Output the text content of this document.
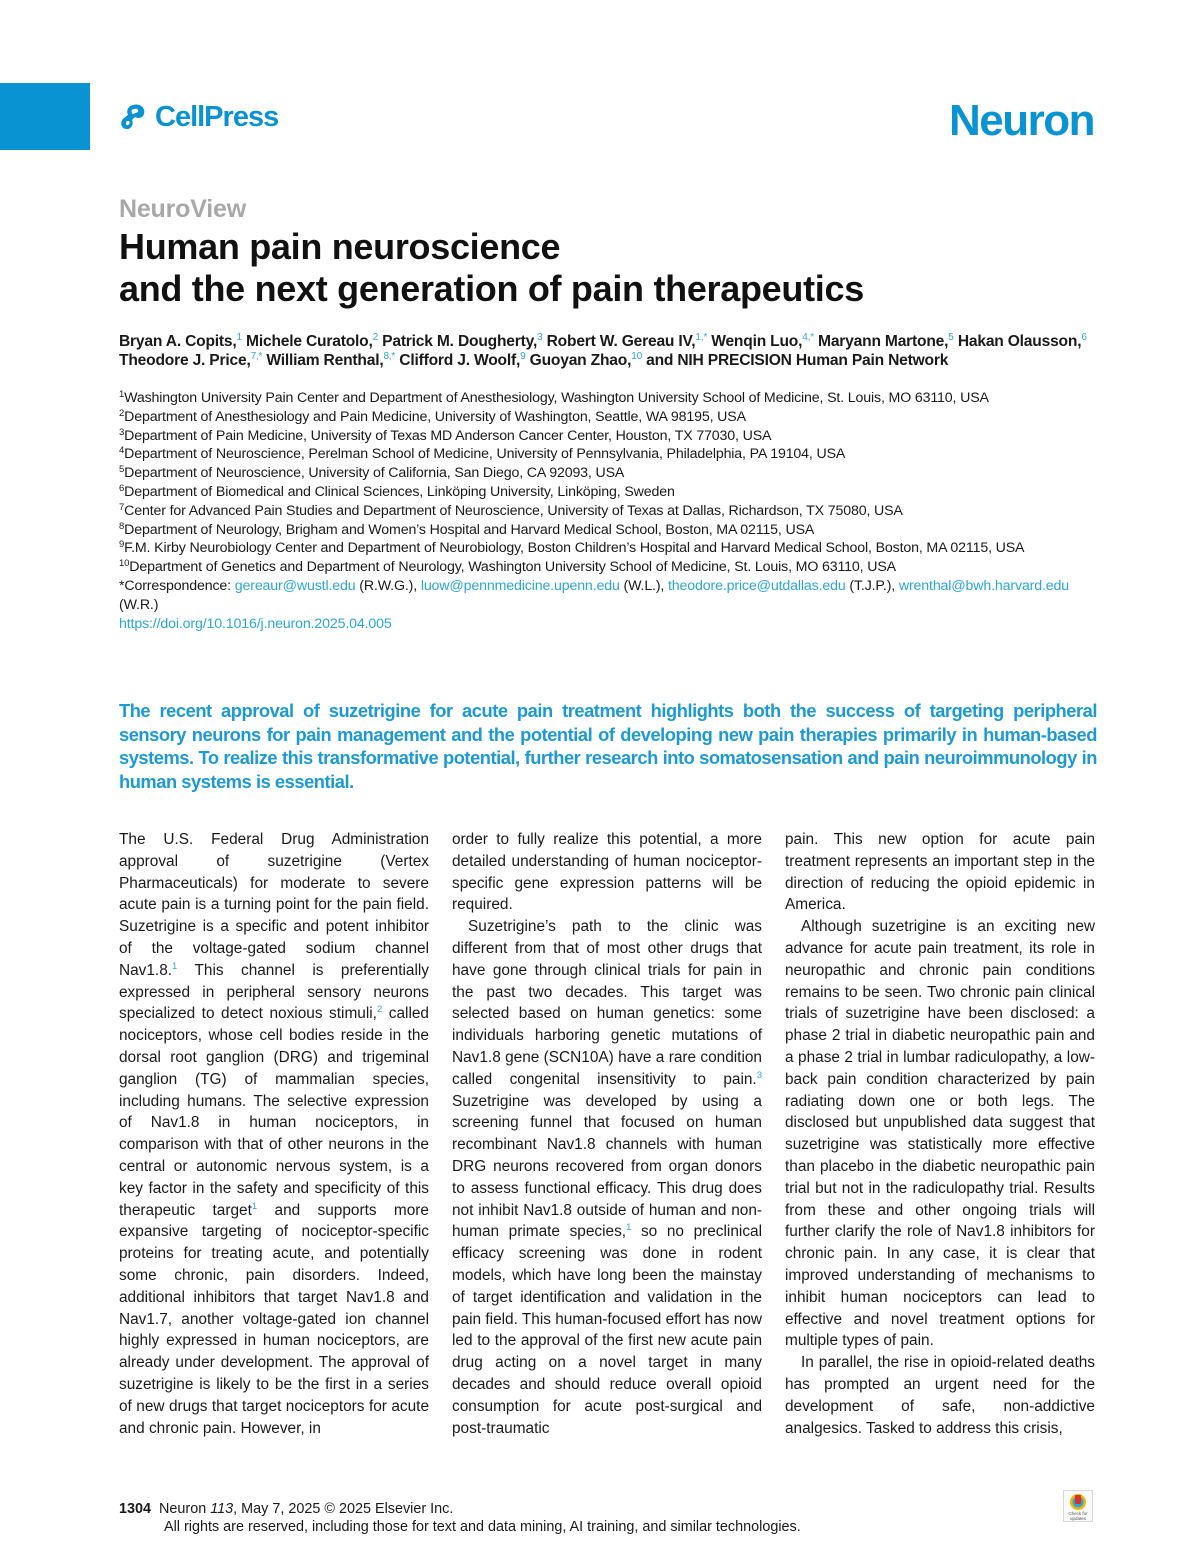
CellPress	Neuron
NeuroView
Human pain neuroscience
and the next generation of pain therapeutics
Bryan A. Copits,$^1$ Michele Curatolo,$^2$ Patrick M. Dougherty,$^3$ Robert W. Gereau IV,$^{1,*}$ Wenqin Luo,$^{4,*}$ Maryann Martone,$^5$ Hakan Olausson,$^6$ Theodore J. Price,$^{7,*}$ William Renthal,$^{8,*}$ Clifford J. Woolf,$^9$ Guoyan Zhao,$^{10}$ and NIH PRECISION Human Pain Network
$^1$Washington University Pain Center and Department of Anesthesiology, Washington University School of Medicine, St. Louis, MO 63110, USA
$^2$Department of Anesthesiology and Pain Medicine, University of Washington, Seattle, WA 98195, USA
$^3$Department of Pain Medicine, University of Texas MD Anderson Cancer Center, Houston, TX 77030, USA
$^4$Department of Neuroscience, Perelman School of Medicine, University of Pennsylvania, Philadelphia, PA 19104, USA
$^5$Department of Neuroscience, University of California, San Diego, CA 92093, USA
$^6$Department of Biomedical and Clinical Sciences, Linköping University, Linköping, Sweden
$^7$Center for Advanced Pain Studies and Department of Neuroscience, University of Texas at Dallas, Richardson, TX 75080, USA
$^8$Department of Neurology, Brigham and Women’s Hospital and Harvard Medical School, Boston, MA 02115, USA
$^9$F.M. Kirby Neurobiology Center and Department of Neurobiology, Boston Children’s Hospital and Harvard Medical School, Boston, MA 02115, USA
$^{10}$Department of Genetics and Department of Neurology, Washington University School of Medicine, St. Louis, MO 63110, USA
*Correspondence: gereaur@wustl.edu (R.W.G.), luow@pennmedicine.upenn.edu (W.L.), theodore.price@utdallas.edu (T.J.P.), wrenthal@bwh.harvard.edu (W.R.)
https://doi.org/10.1016/j.neuron.2025.04.005

The recent approval of suzetrigine for acute pain treatment highlights both the success of targeting peripheral sensory neurons for pain management and the potential of developing new pain therapies primarily in human-based systems. To realize this transformative potential, further research into somatosensation and pain neuroimmunology in human systems is essential.

The U.S. Federal Drug Administration approval of suzetrigine (Vertex Pharmaceuticals) for moderate to severe acute pain is a turning point for the pain field. Suzetrigine is a specific and potent inhibitor of the voltage-gated sodium channel Nav1.8.$^1$ This channel is preferentially expressed in peripheral sensory neurons specialized to detect noxious stimuli,$^2$ called nociceptors, whose cell bodies reside in the dorsal root ganglion (DRG) and trigeminal ganglion (TG) of mammalian species, including humans. The selective expression of Nav1.8 in human nociceptors, in comparison with that of other neurons in the central or autonomic nervous system, is a key factor in the safety and specificity of this therapeutic target$^1$ and supports more expansive targeting of nociceptor-specific proteins for treating acute, and potentially some chronic, pain disorders. Indeed, additional inhibitors that target Nav1.8 and Nav1.7, another voltage-gated ion channel highly expressed in human nociceptors, are already under development. The approval of suzetrigine is likely to be the first in a series of new drugs that target nociceptors for acute and chronic pain. However, in

order to fully realize this potential, a more detailed understanding of human nociceptor-specific gene expression patterns will be required.

Suzetrigine’s path to the clinic was different from that of most other drugs that have gone through clinical trials for pain in the past two decades. This target was selected based on human genetics: some individuals harboring genetic mutations of Nav1.8 gene (SCN10A) have a rare condition called congenital insensitivity to pain.$^3$ Suzetrigine was developed by using a screening funnel that focused on human recombinant Nav1.8 channels with human DRG neurons recovered from organ donors to assess functional efficacy. This drug does not inhibit Nav1.8 outside of human and non-human primate species,$^1$ so no preclinical efficacy screening was done in rodent models, which have long been the mainstay of target identification and validation in the pain field. This human-focused effort has now led to the approval of the first new acute pain drug acting on a novel target in many decades and should reduce overall opioid consumption for acute post-surgical and post-traumatic

pain. This new option for acute pain treatment represents an important step in the direction of reducing the opioid epidemic in America.

Although suzetrigine is an exciting new advance for acute pain treatment, its role in neuropathic and chronic pain conditions remains to be seen. Two chronic pain clinical trials of suzetrigine have been disclosed: a phase 2 trial in diabetic neuropathic pain and a phase 2 trial in lumbar radiculopathy, a low-back pain condition characterized by pain radiating down one or both legs. The disclosed but unpublished data suggest that suzetrigine was statistically more effective than placebo in the diabetic neuropathic pain trial but not in the radiculopathy trial. Results from these and other ongoing trials will further clarify the role of Nav1.8 inhibitors for chronic pain. In any case, it is clear that improved understanding of mechanisms to inhibit human nociceptors can lead to effective and novel treatment options for multiple types of pain.

In parallel, the rise in opioid-related deaths has prompted an urgent need for the development of safe, non-addictive analgesics. Tasked to address this crisis,

1304 Neuron 113, May 7, 2025 © 2025 Elsevier Inc.
All rights are reserved, including those for text and data mining, AI training, and similar technologies.
Check for updates
